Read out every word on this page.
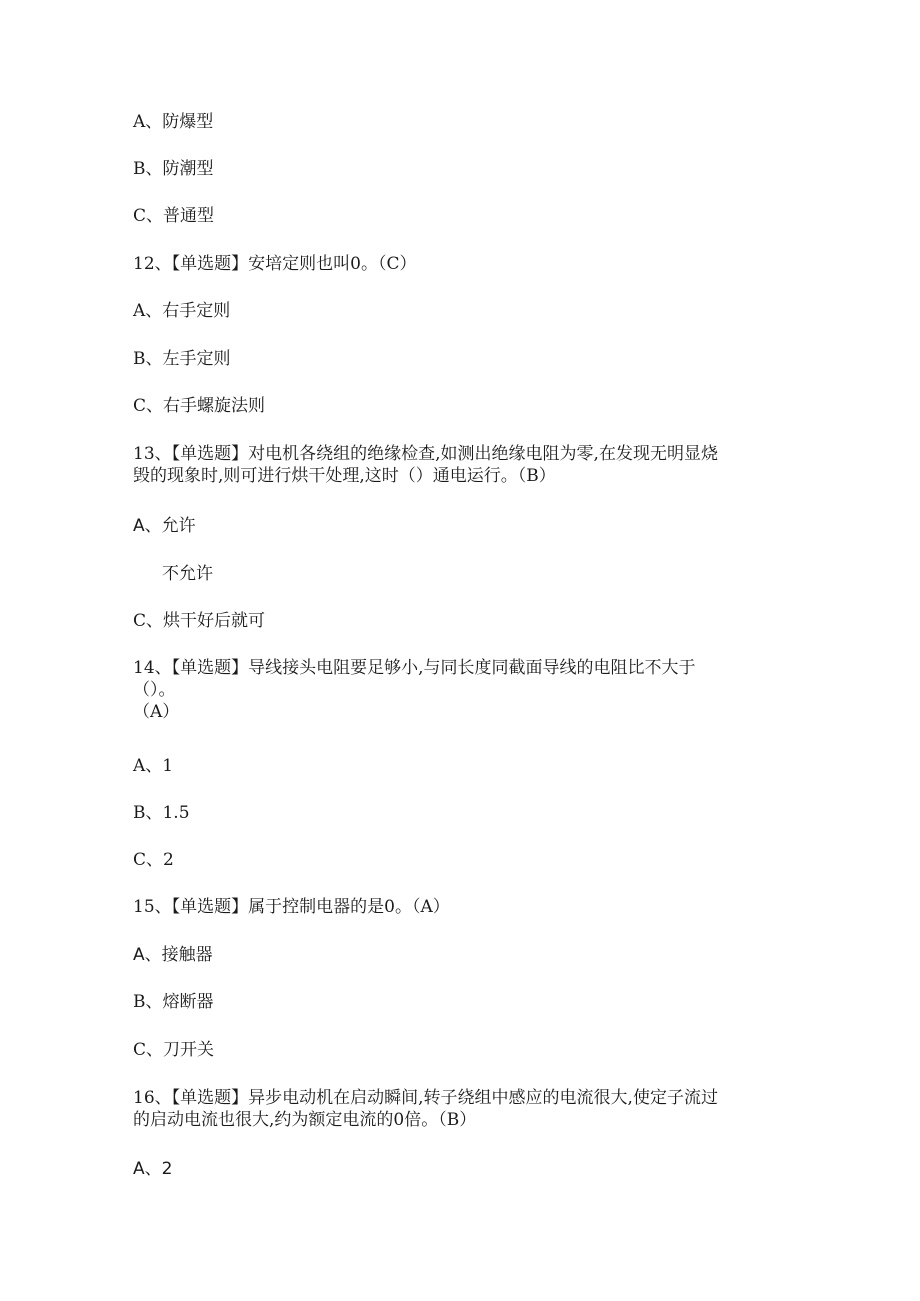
A、防爆型
B、防潮型
C、普通型
12、【单选题】安培定则也叫0。（C）
A、右手定则
B、左手定则
C、右手螺旋法则
13、【单选题】对电机各绕组的绝缘检查,如测出绝缘电阻为零,在发现无明显烧
毁的现象时,则可进行烘干处理,这时（）通电运行。（B）
A、允许
不允许
C、烘干好后就可
14、【单选题】导线接头电阻要足够小,与同长度同截面导线的电阻比不大于
（）。
（A）
A、1
B、1.5
C、2
15、【单选题】属于控制电器的是0。（A）
A、接触器
B、熔断器
C、刀开关
16、【单选题】异步电动机在启动瞬间,转子绕组中感应的电流很大,使定子流过
的启动电流也很大,约为额定电流的0倍。（B）
A、2
